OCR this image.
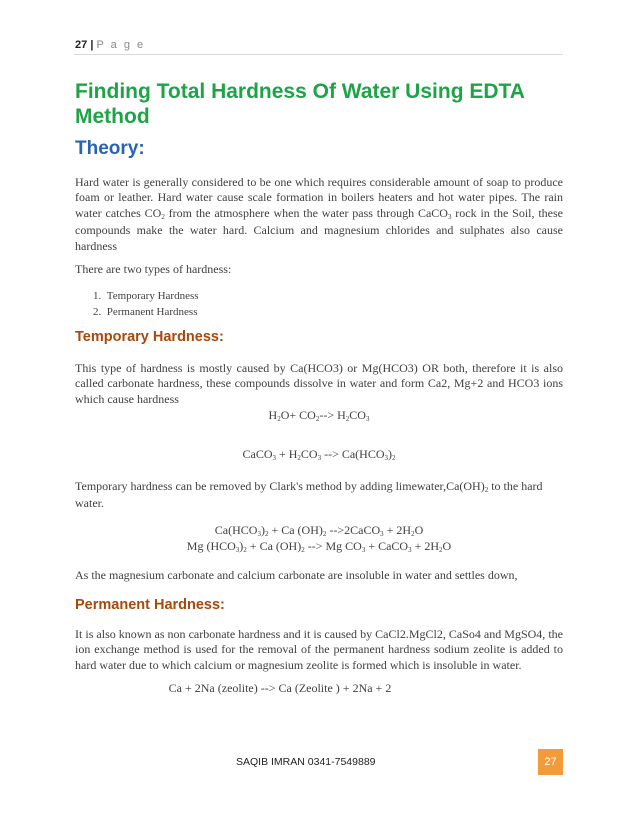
27 | P a g e
Finding Total Hardness Of Water Using EDTA Method
Theory:

Hard water is generally considered to be one which requires considerable amount of soap to produce foam or leather. Hard water cause scale formation in boilers heaters and hot water pipes. The rain water catches $CO_2$ from the atmosphere when the water pass through CaCO$_3$ rock in the Soil, these compounds make the water hard. Calcium and magnesium chlorides and sulphates also cause hardness

There are two types of hardness:

1.  Temporary Hardness
2.  Permanent Hardness
Temporary Hardness:

This type of hardness is mostly caused by Ca(HCO3) or Mg(HCO3) OR both, therefore it is also called carbonate hardness, these compounds dissolve in water and form Ca2, Mg+2 and HCO3 ions which cause hardness

$H_2O+ CO_2--> H_2CO_3$

CaCO$_3$ + $H_2CO_3$ --> $Ca(HCO_3)_2$

Temporary hardness can be removed by Clark's method by adding $limewater,Ca(OH)_2$ to the hard water.

$Ca(HCO_3)_2 + Ca$ $(OH)_2$ -->2CaCO$_3$ + $2H_2O$

Mg $(HCO_3)_2 + Ca$ $(OH)_2$ --> Mg $CO_3$ + CaCO$_3$ + $2H_2O$

As the magnesium carbonate and calcium carbonate are insoluble in water and settles down,

Permanent Hardness:

It is also known as non carbonate hardness and it is caused by CaCl2.MgCl2, CaSo4 and MgSO4, the ion exchange method is used for the removal of the permanent hardness sodium zeolite is added to hard water due to which calcium or magnesium zeolite is formed which is insoluble in water.

Ca + 2Na (zeolite) --> Ca (Zeolite ) + 2Na + 2

SAQIB IMRAN 0341-7549889	27
